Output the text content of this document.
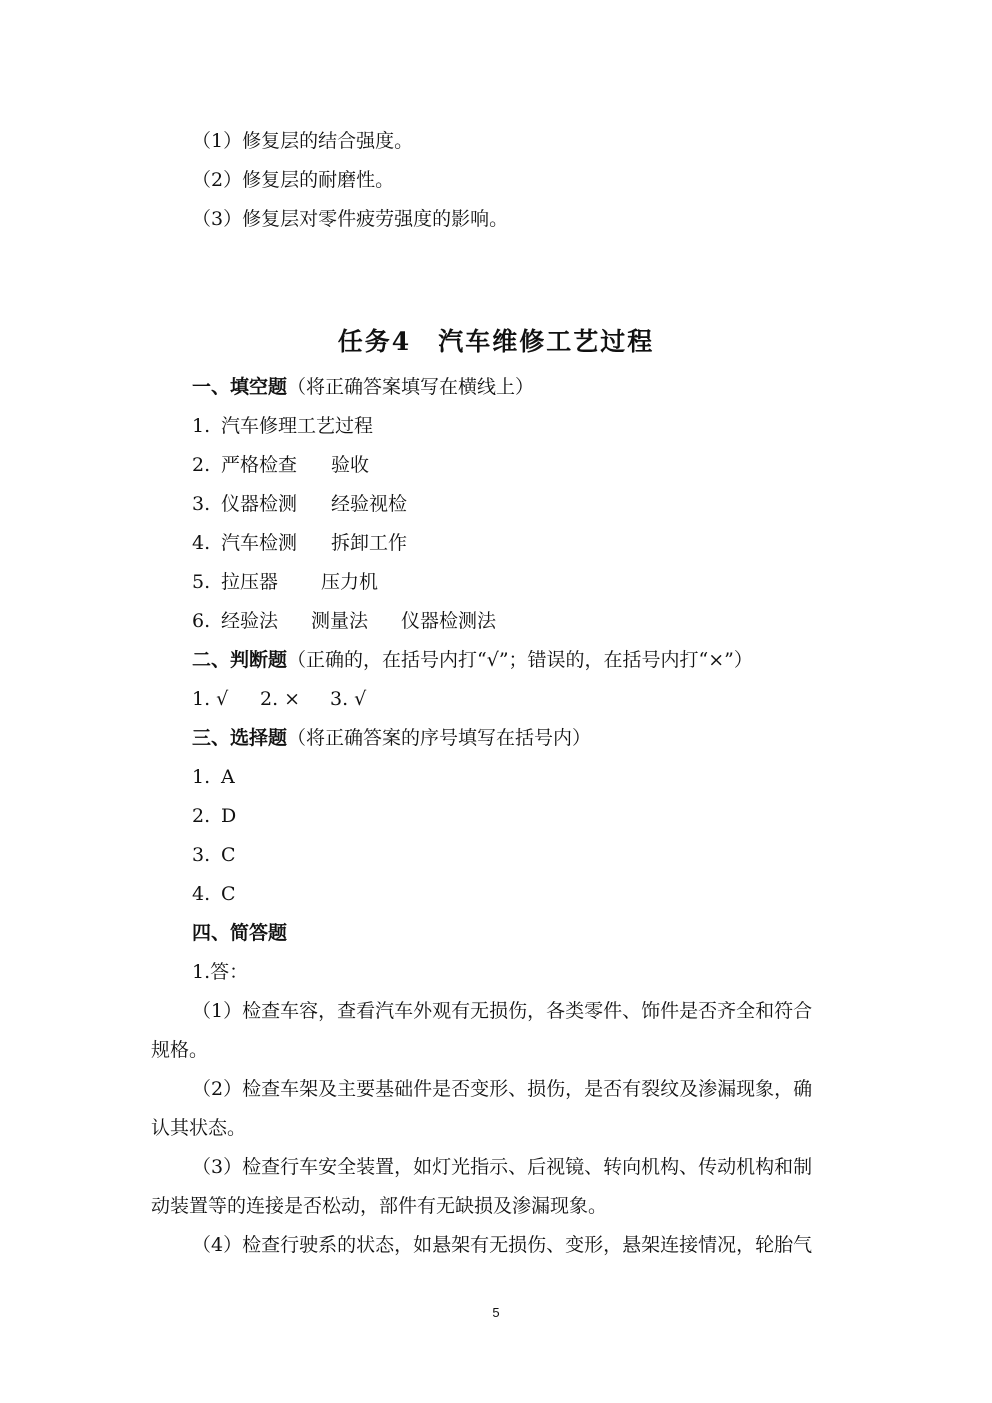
（1）修复层的结合强度。
（2）修复层的耐磨性。
（3）修复层对零件疲劳强度的影响。
任务4　汽车维修工艺过程
一、填空题（将正确答案填写在横线上）
1. 汽车修理工艺过程
2. 严格检查 验收
3. 仪器检测 经验视检
4. 汽车检测 拆卸工作
5. 拉压器 压力机
6. 经验法 测量法 仪器检测法
二、判断题（正确的，在括号内打“√”；错误的，在括号内打“×”）
1. √ 2. × 3. √
三、选择题（将正确答案的序号填写在括号内）
1. A
2. D
3. C
4. C
四、简答题
1.答：
（1）检查车容，查看汽车外观有无损伤，各类零件、饰件是否齐全和符合
规格。
（2）检查车架及主要基础件是否变形、损伤，是否有裂纹及渗漏现象，确
认其状态。
（3）检查行车安全装置，如灯光指示、后视镜、转向机构、传动机构和制
动装置等的连接是否松动，部件有无缺损及渗漏现象。
（4）检查行驶系的状态，如悬架有无损伤、变形，悬架连接情况，轮胎气
5
